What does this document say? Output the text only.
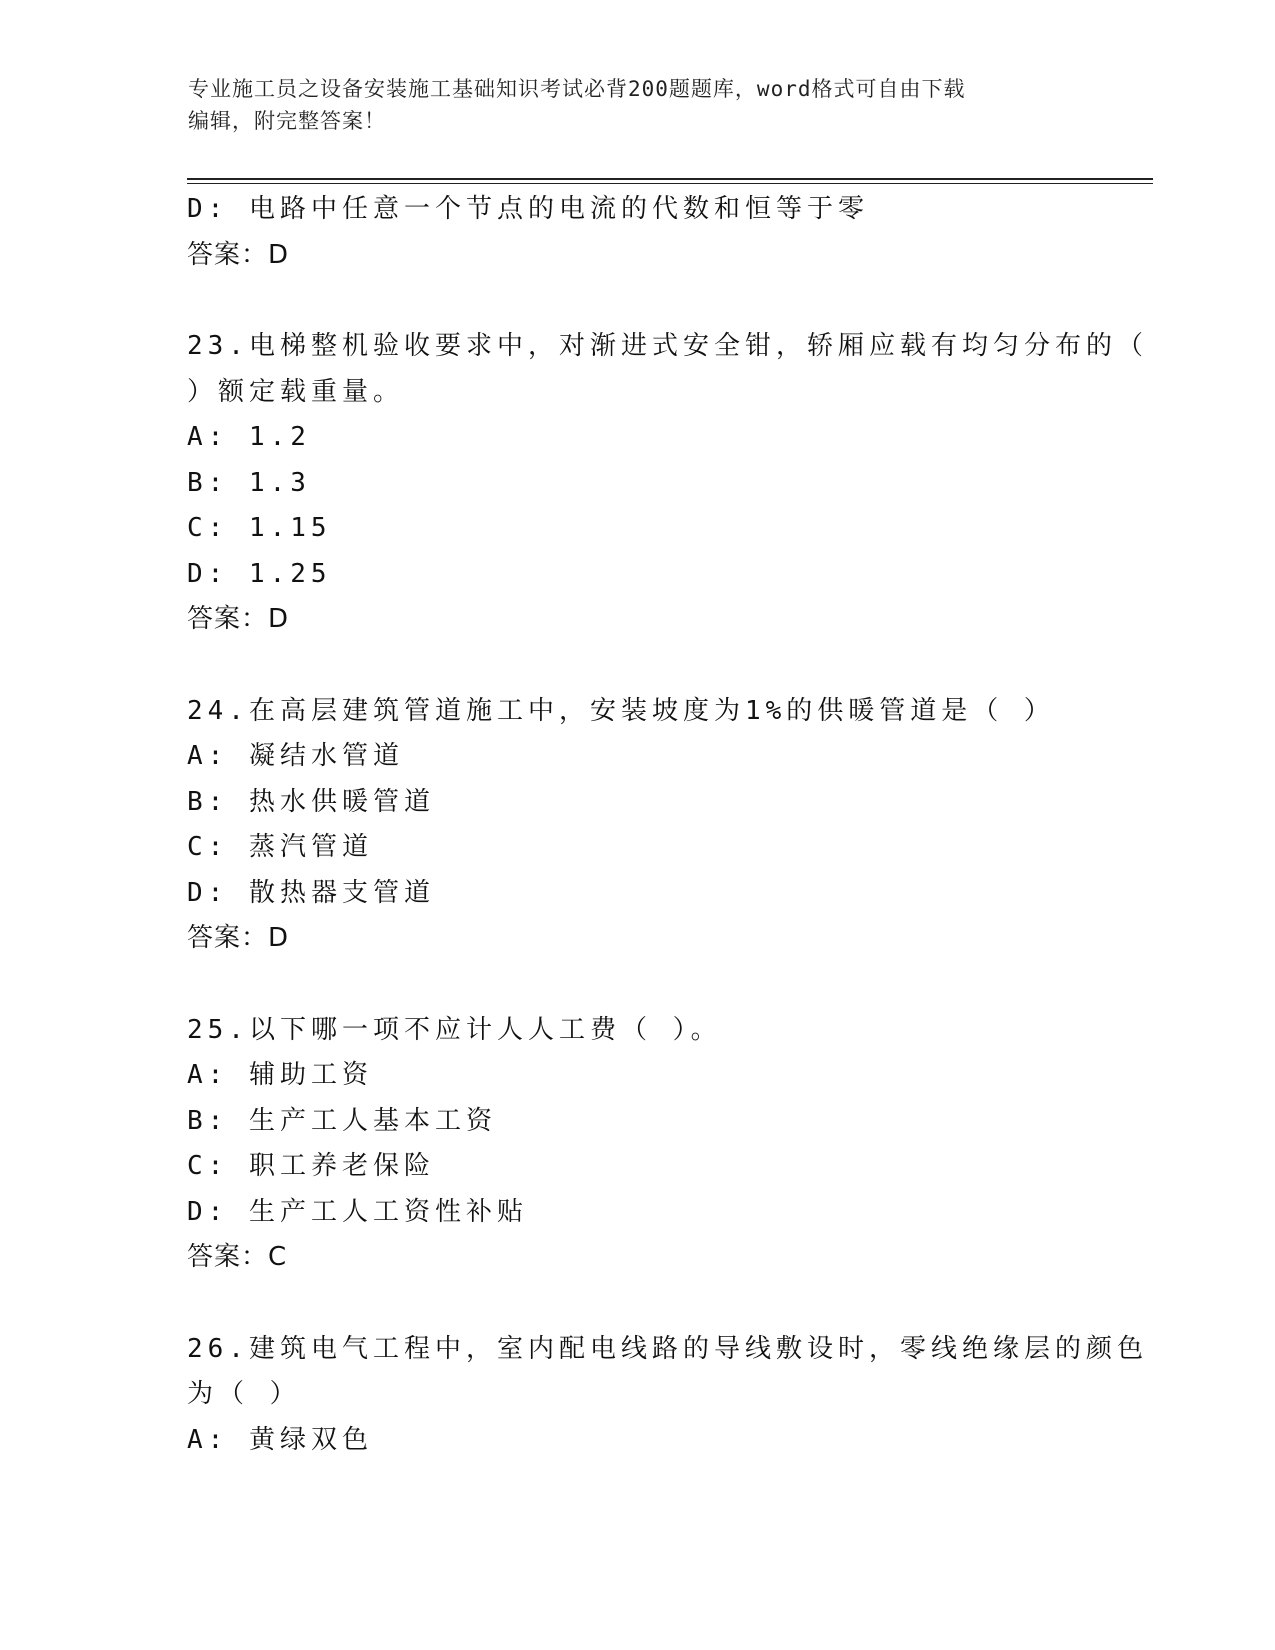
专业施工员之设备安装施工基础知识考试必背200题题库，word格式可自由下载
编辑，附完整答案！
D: 电路中任意一个节点的电流的代数和恒等于零
答案：D
23.电梯整机验收要求中，对渐进式安全钳，轿厢应载有均匀分布的（
）额定载重量。
A: 1.2
B: 1.3
C: 1.15
D: 1.25
答案：D
24.在高层建筑管道施工中，安装坡度为1%的供暖管道是（ ）
A: 凝结水管道
B: 热水供暖管道
C: 蒸汽管道
D: 散热器支管道
答案：D
25.以下哪一项不应计人人工费（ ）。
A: 辅助工资
B: 生产工人基本工资
C: 职工养老保险
D: 生产工人工资性补贴
答案：C
26.建筑电气工程中，室内配电线路的导线敷设时，零线绝缘层的颜色
为（ ）
A: 黄绿双色
